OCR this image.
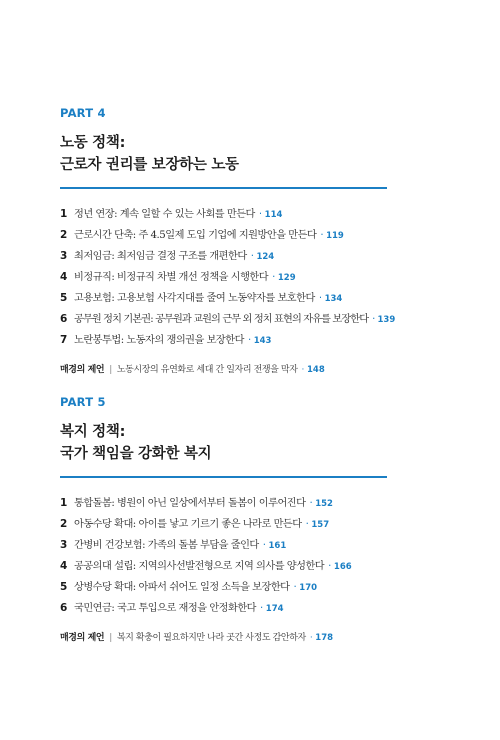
PART 4
노동 정책:
근로자 권리를 보장하는 노동
1 정년 연장: 계속 일할 수 있는 사회를 만든다 · 114
2 근로시간 단축: 주 4.5일제 도입 기업에 지원방안을 만든다 · 119
3 최저임금: 최저임금 결정 구조를 개편한다 · 124
4 비정규직: 비정규직 차별 개선 정책을 시행한다 · 129
5 고용보험: 고용보험 사각지대를 줄여 노동약자를 보호한다 · 134
6 공무원 정치 기본권: 공무원과 교원의 근무 외 정치 표현의 자유를 보장한다 · 139
7 노란봉투법: 노동자의 쟁의권을 보장한다 · 143
매경의 제언 | 노동시장의 유연화로 세대 간 일자리 전쟁을 막자 · 148
PART 5
복지 정책:
국가 책임을 강화한 복지
1 통합돌봄: 병원이 아닌 일상에서부터 돌봄이 이루어진다 · 152
2 아동수당 확대: 아이를 낳고 기르기 좋은 나라로 만든다 · 157
3 간병비 건강보험: 가족의 돌봄 부담을 줄인다 · 161
4 공공의대 설립: 지역의사선발전형으로 지역 의사를 양성한다 · 166
5 상병수당 확대: 아파서 쉬어도 일정 소득을 보장한다 · 170
6 국민연금: 국고 투입으로 재정을 안정화한다 · 174
매경의 제언 | 복지 확충이 필요하지만 나라 곳간 사정도 감안하자 · 178
